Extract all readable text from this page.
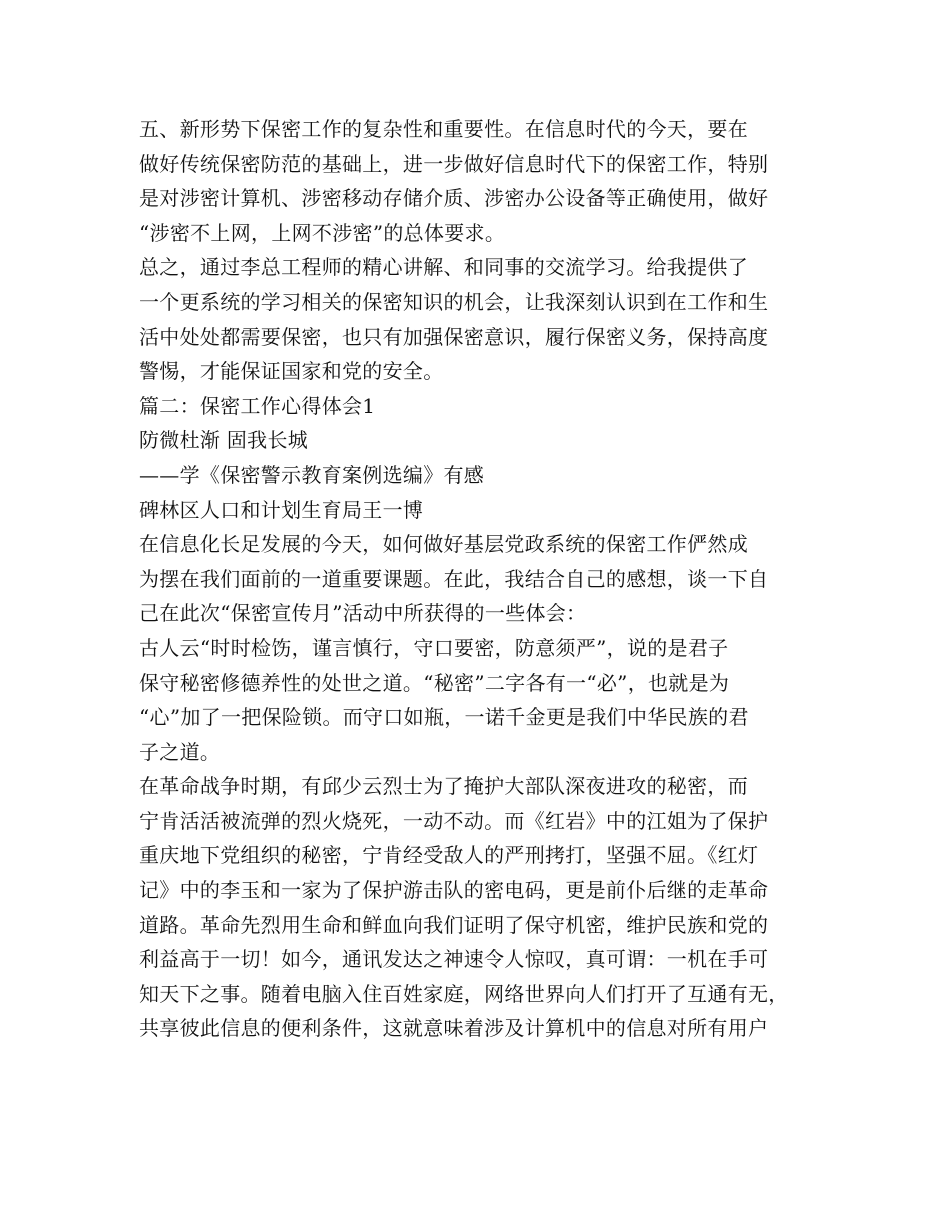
五、新形势下保密工作的复杂性和重要性。在信息时代的今天，要在
做好传统保密防范的基础上，进一步做好信息时代下的保密工作，特别
是对涉密计算机、涉密移动存储介质、涉密办公设备等正确使用，做好
“涉密不上网，上网不涉密”的总体要求。
总之，通过李总工程师的精心讲解、和同事的交流学习。给我提供了
一个更系统的学习相关的保密知识的机会，让我深刻认识到在工作和生
活中处处都需要保密，也只有加强保密意识，履行保密义务，保持高度
警惕，才能保证国家和党的安全。
篇二：保密工作心得体会1
防微杜渐 固我长城
——学《保密警示教育案例选编》有感
碑林区人口和计划生育局王一博
在信息化长足发展的今天，如何做好基层党政系统的保密工作俨然成
为摆在我们面前的一道重要课题。在此，我结合自己的感想，谈一下自
己在此次“保密宣传月”活动中所获得的一些体会：
古人云“时时检饬，谨言慎行，守口要密，防意须严”，说的是君子
保守秘密修德养性的处世之道。“秘密”二字各有一“必”，也就是为
“心”加了一把保险锁。而守口如瓶，一诺千金更是我们中华民族的君
子之道。
在革命战争时期，有邱少云烈士为了掩护大部队深夜进攻的秘密，而
宁肯活活被流弹的烈火烧死，一动不动。而《红岩》中的江姐为了保护
重庆地下党组织的秘密，宁肯经受敌人的严刑拷打，坚强不屈。《红灯
记》中的李玉和一家为了保护游击队的密电码，更是前仆后继的走革命
道路。革命先烈用生命和鲜血向我们证明了保守机密，维护民族和党的
利益高于一切！如今，通讯发达之神速令人惊叹，真可谓：一机在手可
知天下之事。随着电脑入住百姓家庭，网络世界向人们打开了互通有无，
共享彼此信息的便利条件，这就意味着涉及计算机中的信息对所有用户
